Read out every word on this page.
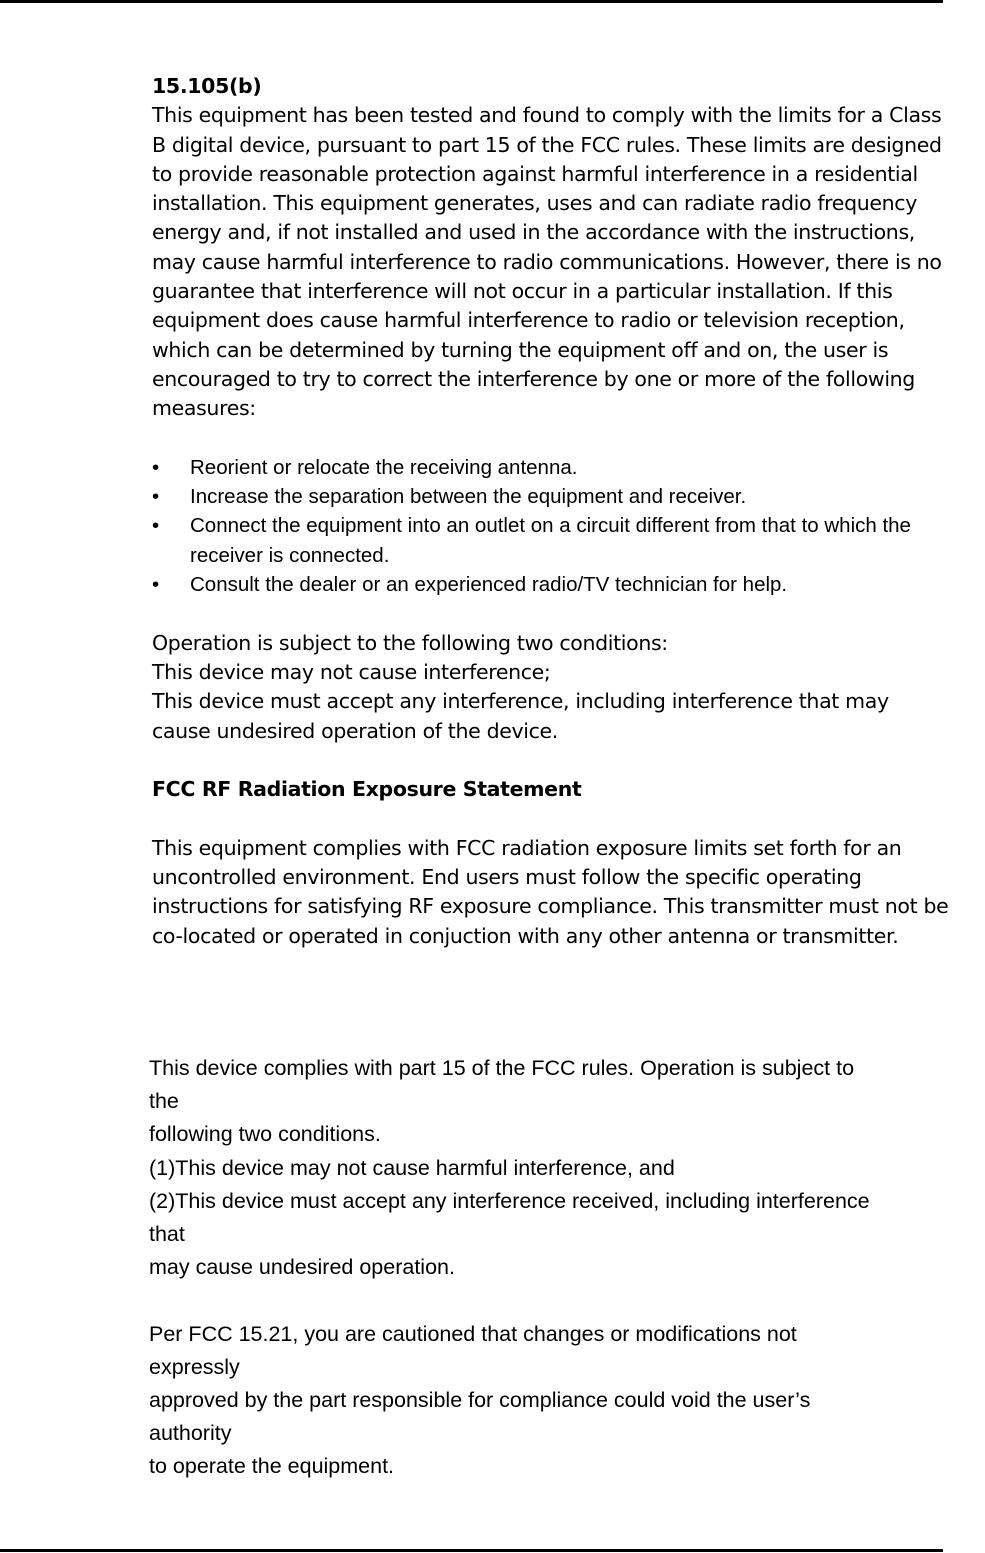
15.105(b)

This equipment has been tested and found to comply with the limits for a Class B digital device, pursuant to part 15 of the FCC rules. These limits are designed to provide reasonable protection against harmful interference in a residential installation. This equipment generates, uses and can radiate radio frequency energy and, if not installed and used in the accordance with the instructions, may cause harmful interference to radio communications. However, there is no guarantee that interference will not occur in a particular installation. If this equipment does cause harmful interference to radio or television reception, which can be determined by turning the equipment off and on, the user is encouraged to try to correct the interference by one or more of the following measures:

• Reorient or relocate the receiving antenna.
• Increase the separation between the equipment and receiver.
• Connect the equipment into an outlet on a circuit different from that to which the receiver is connected.
• Consult the dealer or an experienced radio/TV technician for help.

Operation is subject to the following two conditions:

This device may not cause interference;

This device must accept any interference, including interference that may cause undesired operation of the device.

FCC RF Radiation Exposure Statement

This equipment complies with FCC radiation exposure limits set forth for an uncontrolled environment. End users must follow the specific operating instructions for satisfying RF exposure compliance. This transmitter must not be co-located or operated in conjuction with any other antenna or transmitter.

This device complies with part 15 of the FCC rules. Operation is subject to
the
following two conditions.
(1)This device may not cause harmful interference, and
(2)This device must accept any interference received, including interference
that
may cause undesired operation.
Per FCC 15.21, you are cautioned that changes or modifications not
expressly
approved by the part responsible for compliance could void the user’s
authority
to operate the equipment.
